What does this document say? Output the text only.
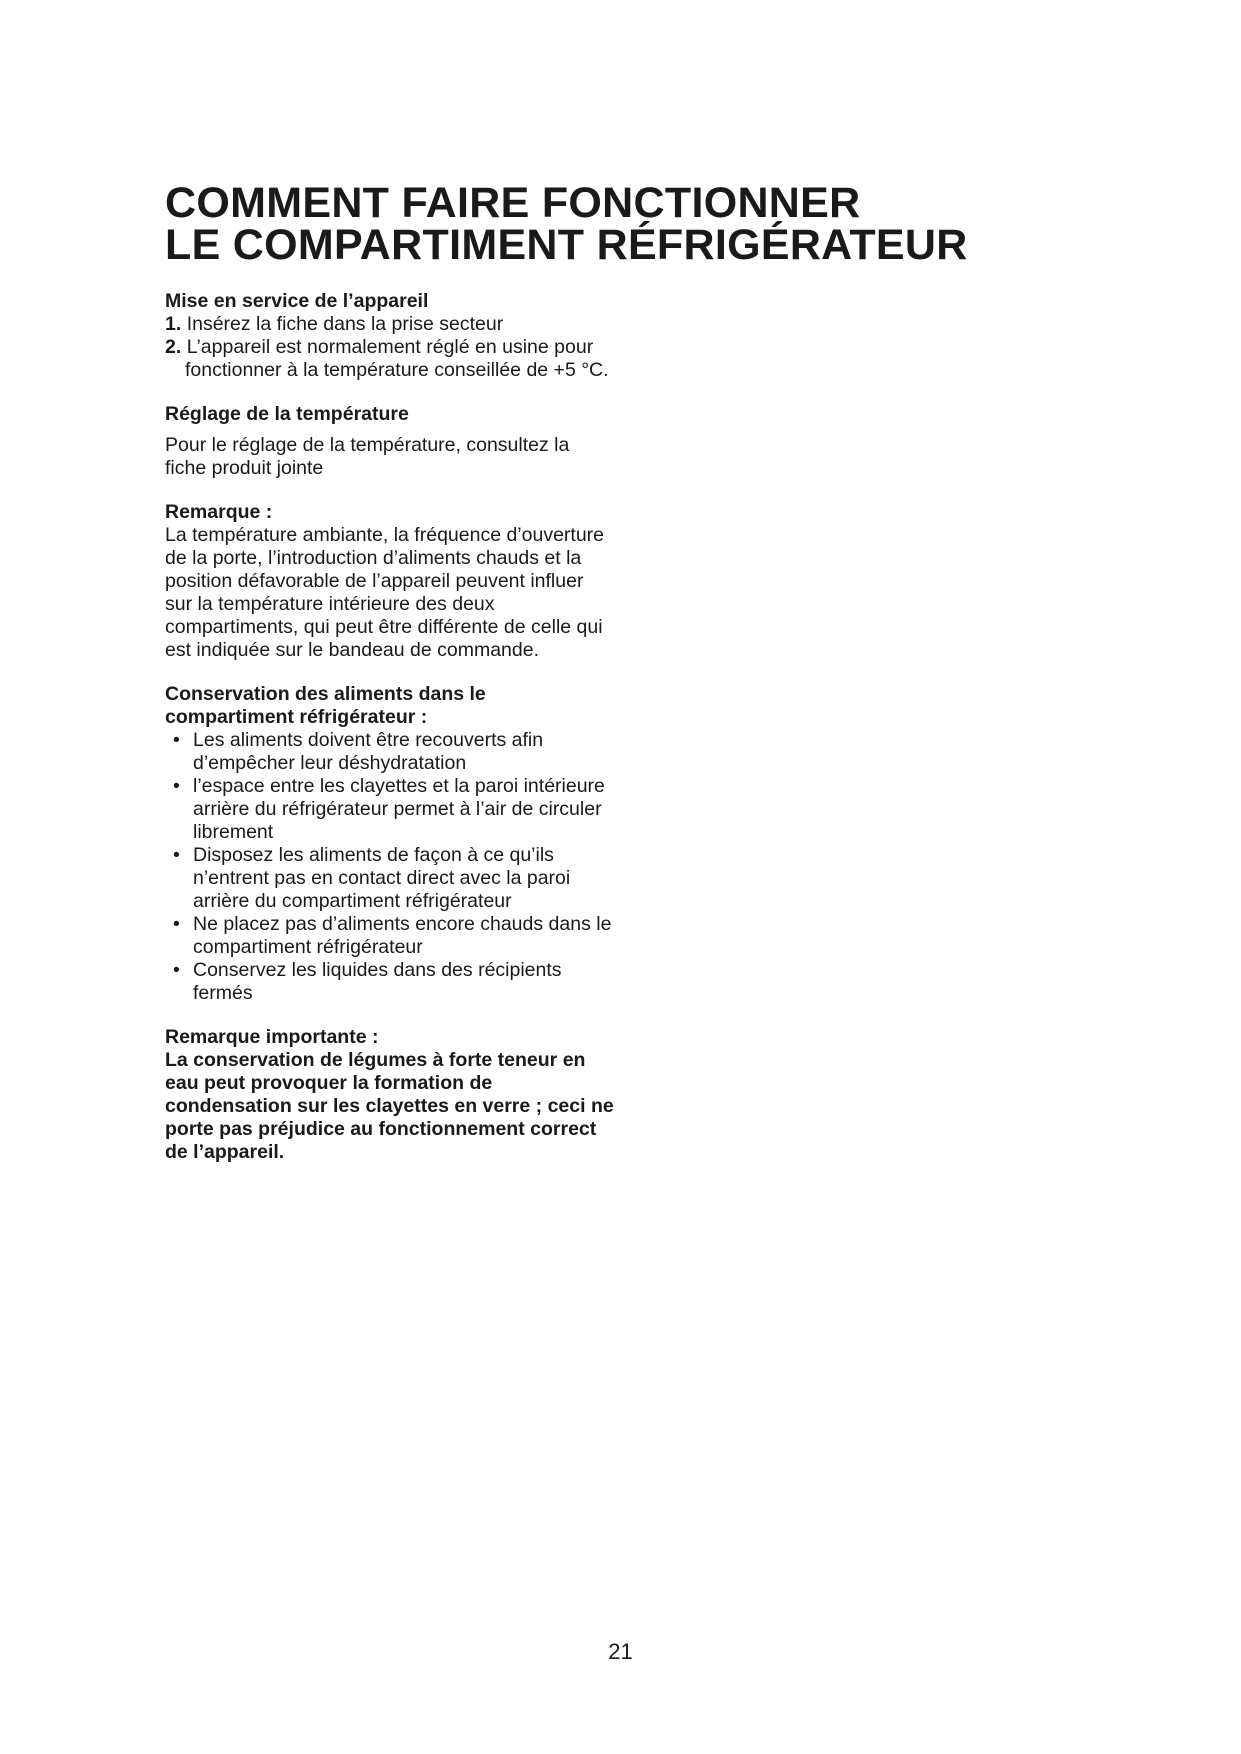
COMMENT FAIRE FONCTIONNER
LE COMPARTIMENT RÉFRIGÉRATEUR
Mise en service de l’appareil
1. Insérez la fiche dans la prise secteur
2. L’appareil est normalement réglé en usine pour fonctionner à la température conseillée de +5 °C.
Réglage de la température

Pour le réglage de la température, consultez la fiche produit jointe

Remarque :

La température ambiante, la fréquence d’ouverture de la porte, l’introduction d’aliments chauds et la position défavorable de l’appareil peuvent influer sur la température intérieure des deux compartiments, qui peut être différente de celle qui est indiquée sur le bandeau de commande.

Conservation des aliments dans le compartiment réfrigérateur :
• Les aliments doivent être recouverts afin d’empêcher leur déshydratation
• l’espace entre les clayettes et la paroi intérieure arrière du réfrigérateur permet à l’air de circuler librement
• Disposez les aliments de façon à ce qu’ils n’entrent pas en contact direct avec la paroi arrière du compartiment réfrigérateur
• Ne placez pas d’aliments encore chauds dans le compartiment réfrigérateur
• Conservez les liquides dans des récipients fermés
Remarque importante :

La conservation de légumes à forte teneur en eau peut provoquer la formation de condensation sur les clayettes en verre ; ceci ne porte pas préjudice au fonctionnement correct de l’appareil.

21
